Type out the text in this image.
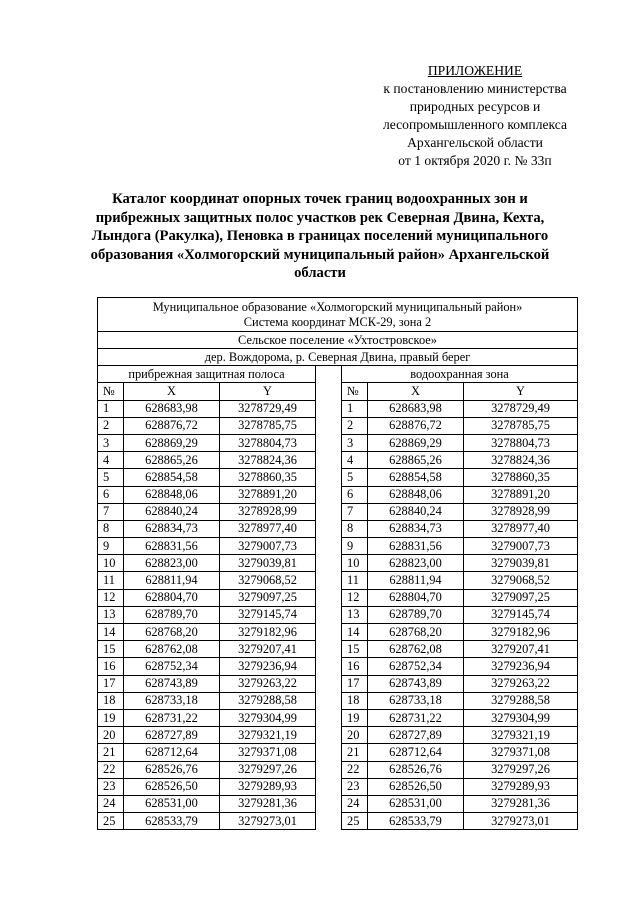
ПРИЛОЖЕНИЕ
к постановлению министерства
природных ресурсов и
лесопромышленного комплекса
Архангельской области
от 1 октября 2020 г. № 33п
Каталог координат опорных точек границ водоохранных зон и прибрежных защитных полос участков рек Северная Двина, Кехта, Лындога (Ракулка), Пеновка в границах поселений муниципального образования «Холмогорский муниципальный район» Архангельской области
Муниципальное образование «Холмогорский муниципальный район»
Система координат МСК-29, зона 2						

Сельское поселение «Ухтостровское»						
дер. Вождорома, р. Северная Двина, правый берег						
прибрежная защитная полоса				водоохранная зона		
№	X	Y		№	X	Y
1	628683,98	3278729,49		1	628683,98	3278729,49
2	628876,72	3278785,75		2	628876,72	3278785,75
3	628869,29	3278804,73		3	628869,29	3278804,73
4	628865,26	3278824,36		4	628865,26	3278824,36
5	628854,58	3278860,35		5	628854,58	3278860,35
6	628848,06	3278891,20		6	628848,06	3278891,20
7	628840,24	3278928,99		7	628840,24	3278928,99
8	628834,73	3278977,40		8	628834,73	3278977,40
9	628831,56	3279007,73		9	628831,56	3279007,73
10	628823,00	3279039,81		10	628823,00	3279039,81
11	628811,94	3279068,52		11	628811,94	3279068,52
12	628804,70	3279097,25		12	628804,70	3279097,25
13	628789,70	3279145,74		13	628789,70	3279145,74
14	628768,20	3279182,96		14	628768,20	3279182,96
15	628762,08	3279207,41		15	628762,08	3279207,41
16	628752,34	3279236,94		16	628752,34	3279236,94
17	628743,89	3279263,22		17	628743,89	3279263,22
18	628733,18	3279288,58		18	628733,18	3279288,58
19	628731,22	3279304,99		19	628731,22	3279304,99
20	628727,89	3279321,19		20	628727,89	3279321,19
21	628712,64	3279371,08		21	628712,64	3279371,08
22	628526,76	3279297,26		22	628526,76	3279297,26
23	628526,50	3279289,93		23	628526,50	3279289,93
24	628531,00	3279281,36		24	628531,00	3279281,36
25	628533,79	3279273,01		25	628533,79	3279273,01
